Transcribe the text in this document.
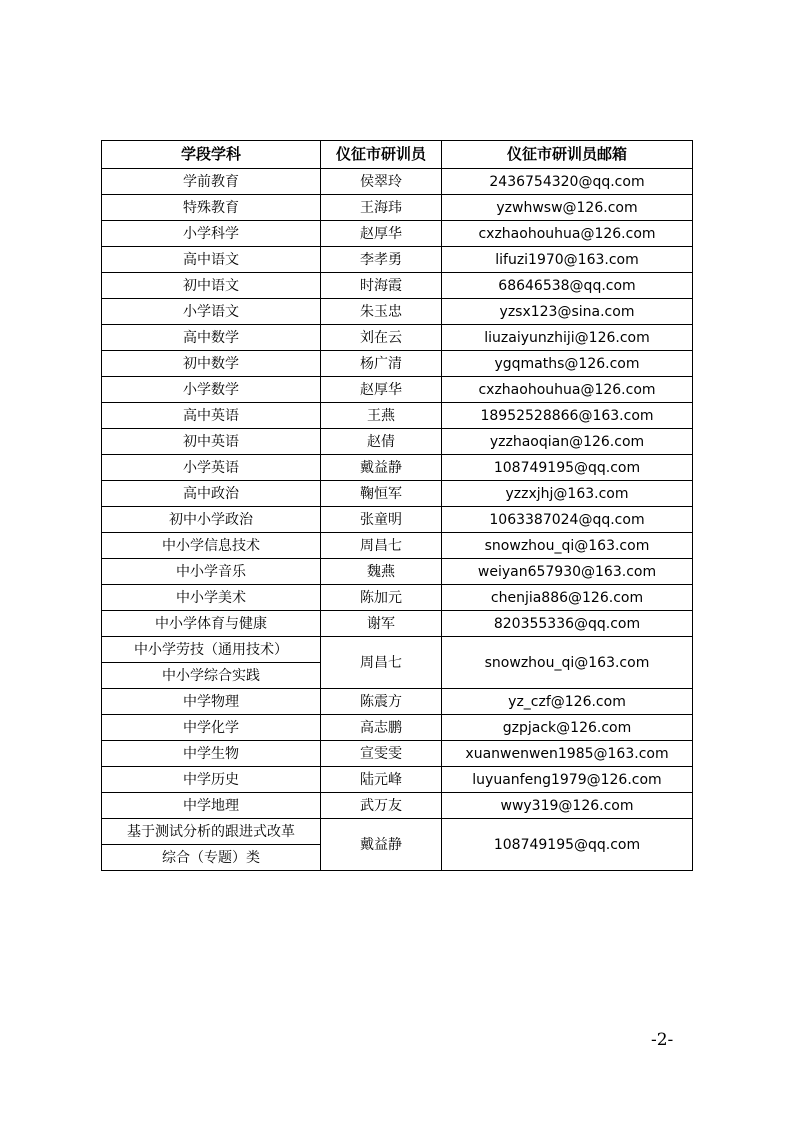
学段学科	仪征市研训员	仪征市研训员邮箱
学前教育	侯翠玲	2436754320@qq.com
特殊教育	王海玮	yzwhwsw@126.com
小学科学	赵厚华	cxzhaohouhua@126.com
高中语文	李孝勇	lifuzi1970@163.com
初中语文	时海霞	68646538@qq.com
小学语文	朱玉忠	yzsx123@sina.com
高中数学	刘在云	liuzaiyunzhiji@126.com
初中数学	杨广清	ygqmaths@126.com
小学数学	赵厚华	cxzhaohouhua@126.com
高中英语	王燕	18952528866@163.com
初中英语	赵倩	yzzhaoqian@126.com
小学英语	戴益静	108749195@qq.com
高中政治	鞠恒军	yzzxjhj@163.com
初中小学政治	张童明	1063387024@qq.com
中小学信息技术	周昌七	snowzhou_qi@163.com
中小学音乐	魏燕	weiyan657930@163.com
中小学美术	陈加元	chenjia886@126.com
中小学体育与健康	谢军	820355336@qq.com
中小学劳技（通用技术）	周昌七	snowzhou_qi@163.com
中小学综合实践		
中学物理	陈震方	yz_czf@126.com
中学化学	高志鹏	gzpjack@126.com
中学生物	宣雯雯	xuanwenwen1985@163.com
中学历史	陆元峰	luyuanfeng1979@126.com
中学地理	武万友	wwy319@126.com
基于测试分析的跟进式改革	戴益静	108749195@qq.com
综合（专题）类		
-2-
